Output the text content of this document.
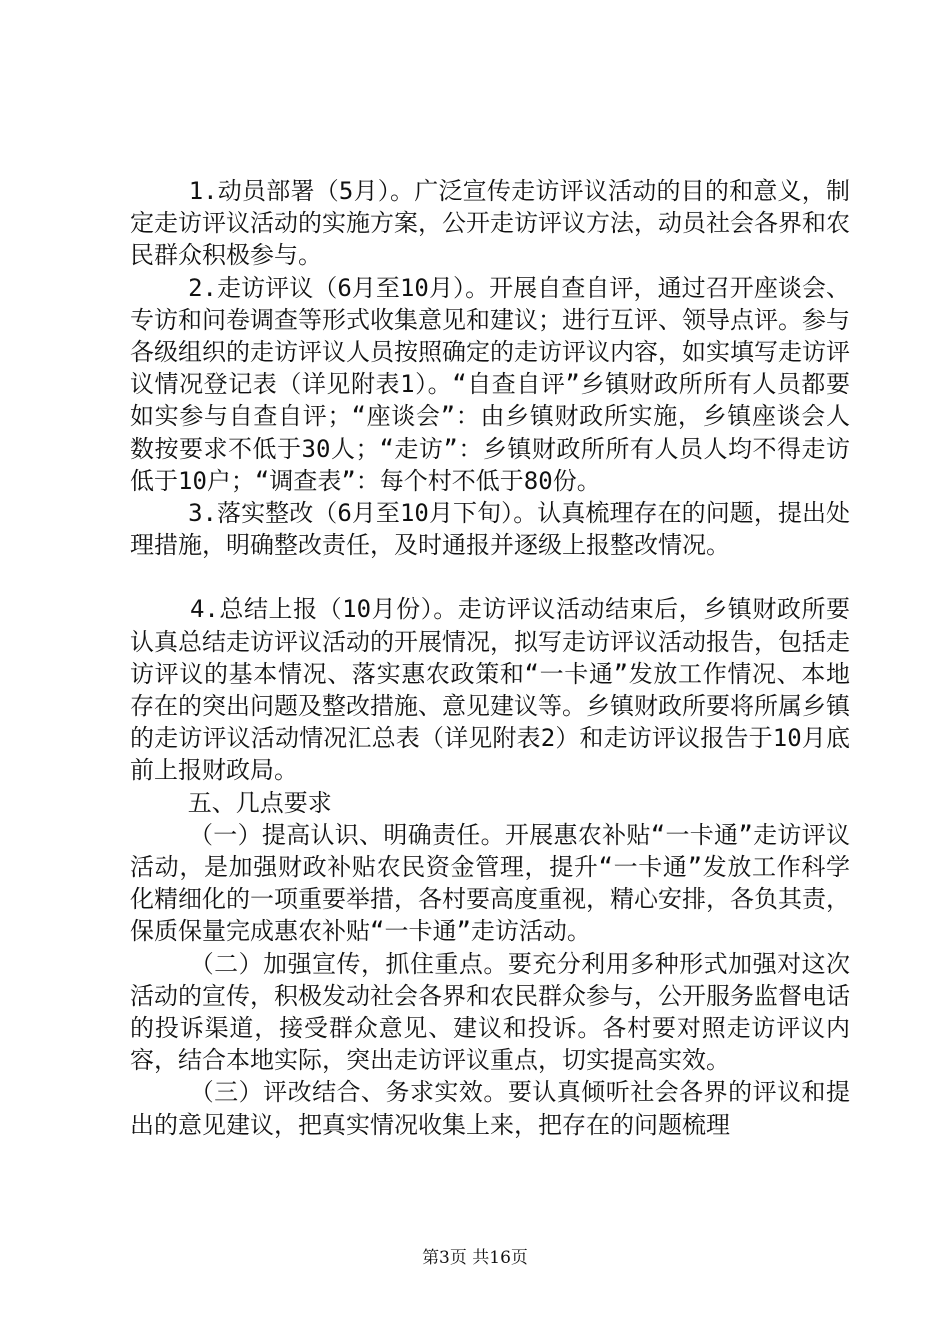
1.动员部署（5月）。广泛宣传走访评议活动的目的和意义，制定走访评议活动的实施方案，公开走访评议方法，动员社会各界和农民群众积极参与。

2.走访评议（6月至10月）。开展自查自评，通过召开座谈会、专访和问卷调查等形式收集意见和建议；进行互评、领导点评。参与各级组织的走访评议人员按照确定的走访评议内容，如实填写走访评议情况登记表（详见附表1）。“自查自评”乡镇财政所所有人员都要如实参与自查自评；“座谈会”：由乡镇财政所实施，乡镇座谈会人数按要求不低于30人；“走访”：乡镇财政所所有人员人均不得走访低于10户；“调查表”：每个村不低于80份。

3.落实整改（6月至10月下旬）。认真梳理存在的问题，提出处理措施，明确整改责任，及时通报并逐级上报整改情况。

4.总结上报（10月份）。走访评议活动结束后，乡镇财政所要认真总结走访评议活动的开展情况，拟写走访评议活动报告，包括走访评议的基本情况、落实惠农政策和“一卡通”发放工作情况、本地存在的突出问题及整改措施、意见建议等。乡镇财政所要将所属乡镇的走访评议活动情况汇总表（详见附表2）和走访评议报告于10月底前上报财政局。

五、几点要求

（一）提高认识、明确责任。开展惠农补贴“一卡通”走访评议活动，是加强财政补贴农民资金管理，提升“一卡通”发放工作科学化精细化的一项重要举措，各村要高度重视，精心安排，各负其责，保质保量完成惠农补贴“一卡通”走访活动。

（二）加强宣传，抓住重点。要充分利用多种形式加强对这次活动的宣传，积极发动社会各界和农民群众参与，公开服务监督电话的投诉渠道，接受群众意见、建议和投诉。各村要对照走访评议内容，结合本地实际，突出走访评议重点，切实提高实效。

（三）评改结合、务求实效。要认真倾听社会各界的评议和提出的意见建议，把真实情况收集上来，把存在的问题梳理

第3页 共16页
